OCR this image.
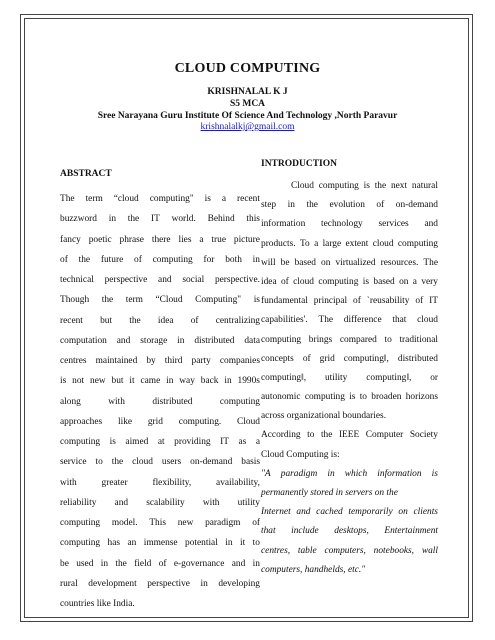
CLOUD COMPUTING
KRISHNALAL K J
S5 MCA
Sree Narayana Guru Institute Of Science And Technology ,North Paravur
krishnalalkj@gmail.com
ABSTRACT
The term “cloud computing" is a recent
buzzword in the IT world. Behind this
fancy poetic phrase there lies a true picture
of the future of computing for both in
technical perspective and social perspective.
Though the term “Cloud Computing" is
recent but the idea of centralizing
computation and storage in distributed data
centres maintained by third party companies
is not new but it came in way back in 1990s
along	with	distributed	computing
approaches like grid computing. Cloud
computing is aimed at providing IT as a
service to the cloud users on-demand basis
with	greater	flexibility,	availability,
reliability and scalability with utility
computing model. This new paradigm of
computing has an immense potential in it to
be used in the field of e-governance and in
rural development perspective in developing
countries like India.
INTRODUCTION
Cloud computing is the next natural
step in the evolution of on-demand
information technology services and
products. To a large extent cloud computing
will be based on virtualized resources. The
idea of cloud computing is based on a very
fundamental principal of `reusability of IT
capabilities'. The difference that cloud
computing brings compared to traditional
concepts of grid computing‖, distributed
computing‖, utility computing‖, or
autonomic computing is to broaden horizons
across organizational boundaries.
According to the IEEE Computer Society
Cloud Computing is:
"A paradigm in which information is
permanently stored in servers on the
Internet and cached temporarily on clients
that include desktops, Entertainment
centres, table computers, notebooks, wall
computers, handhelds, etc."
